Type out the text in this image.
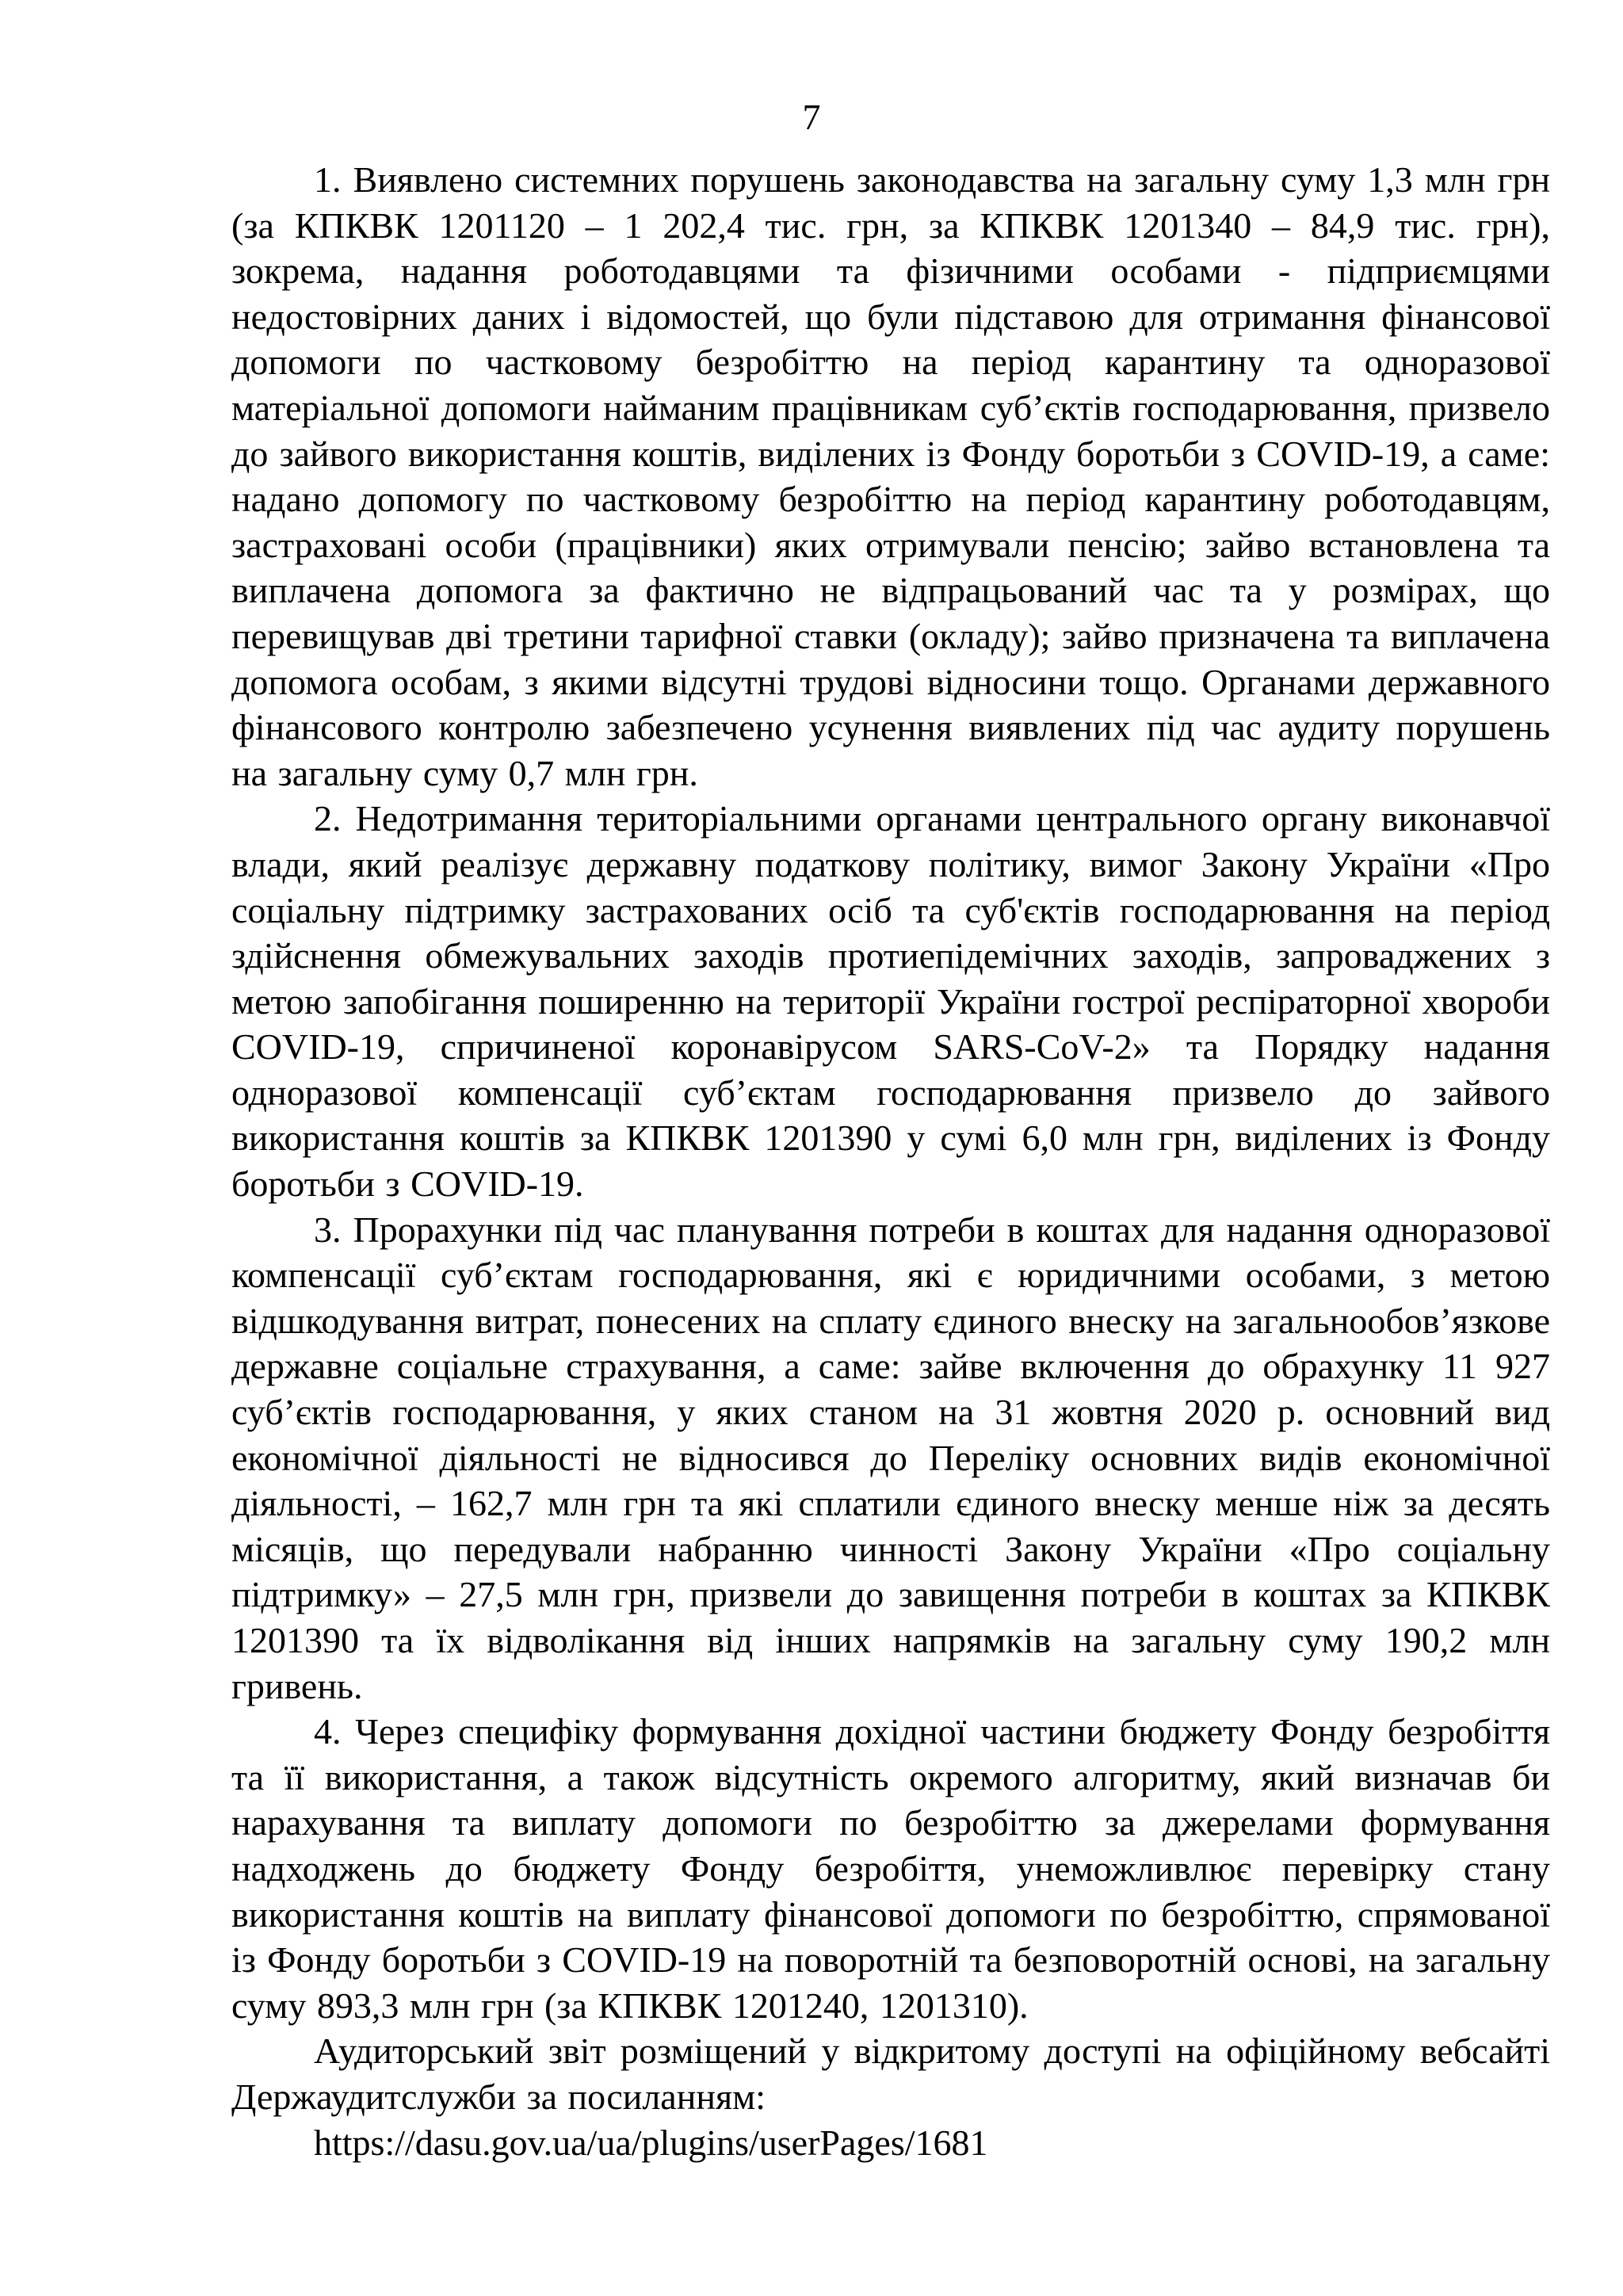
7

1. Виявлено системних порушень законодавства на загальну суму 1,3 млн грн (за КПКВК 1201120 – 1 202,4 тис. грн, за КПКВК 1201340 – 84,9 тис. грн), зокрема, надання роботодавцями та фізичними особами - підприємцями недостовірних даних і відомостей, що були підставою для отримання фінансової допомоги по частковому безробіттю на період карантину та одноразової матеріальної допомоги найманим працівникам суб’єктів господарювання, призвело до зайвого використання коштів, виділених із Фонду боротьби з COVID-19, а саме: надано допомогу по частковому безробіттю на період карантину роботодавцям, застраховані особи (працівники) яких отримували пенсію; зайво встановлена та виплачена допомога за фактично не відпрацьований час та у розмірах, що перевищував дві третини тарифної ставки (окладу); зайво призначена та виплачена допомога особам, з якими відсутні трудові відносини тощо. Органами державного фінансового контролю забезпечено усунення виявлених під час аудиту порушень на загальну суму 0,7 млн грн.

2. Недотримання територіальними органами центрального органу виконавчої влади, який реалізує державну податкову політику, вимог Закону України «Про соціальну підтримку застрахованих осіб та суб'єктів господарювання на період здійснення обмежувальних заходів протиепідемічних заходів, запроваджених з метою запобігання поширенню на території України гострої респіраторної хвороби COVID-19, спричиненої коронавірусом SARS-CoV-2» та Порядку надання одноразової компенсації суб’єктам господарювання призвело до зайвого використання коштів за КПКВК 1201390 у сумі 6,0 млн грн, виділених із Фонду боротьби з COVID-19.

3. Прорахунки під час планування потреби в коштах для надання одноразової компенсації суб’єктам господарювання, які є юридичними особами, з метою відшкодування витрат, понесених на сплату єдиного внеску на загальнообов’язкове державне соціальне страхування, а саме: зайве включення до обрахунку 11 927 суб’єктів господарювання, у яких станом на 31 жовтня 2020 р. основний вид економічної діяльності не відносився до Переліку основних видів економічної діяльності, – 162,7 млн грн та які сплатили єдиного внеску менше ніж за десять місяців, що передували набранню чинності Закону України «Про соціальну підтримку» – 27,5 млн грн, призвели до завищення потреби в коштах за КПКВК 1201390 та їх відволікання від інших напрямків на загальну суму 190,2 млн гривень.

4. Через специфіку формування дохідної частини бюджету Фонду безробіття та її використання, а також відсутність окремого алгоритму, який визначав би нарахування та виплату допомоги по безробіттю за джерелами формування надходжень до бюджету Фонду безробіття, унеможливлює перевірку стану використання коштів на виплату фінансової допомоги по безробіттю, спрямованої із Фонду боротьби з COVID-19 на поворотній та безповоротній основі, на загальну суму 893,3 млн грн (за КПКВК 1201240, 1201310).

Аудиторський звіт розміщений у відкритому доступі на офіційному вебсайті Держаудитслужби за посиланням:

https://dasu.gov.ua/ua/plugins/userPages/1681
